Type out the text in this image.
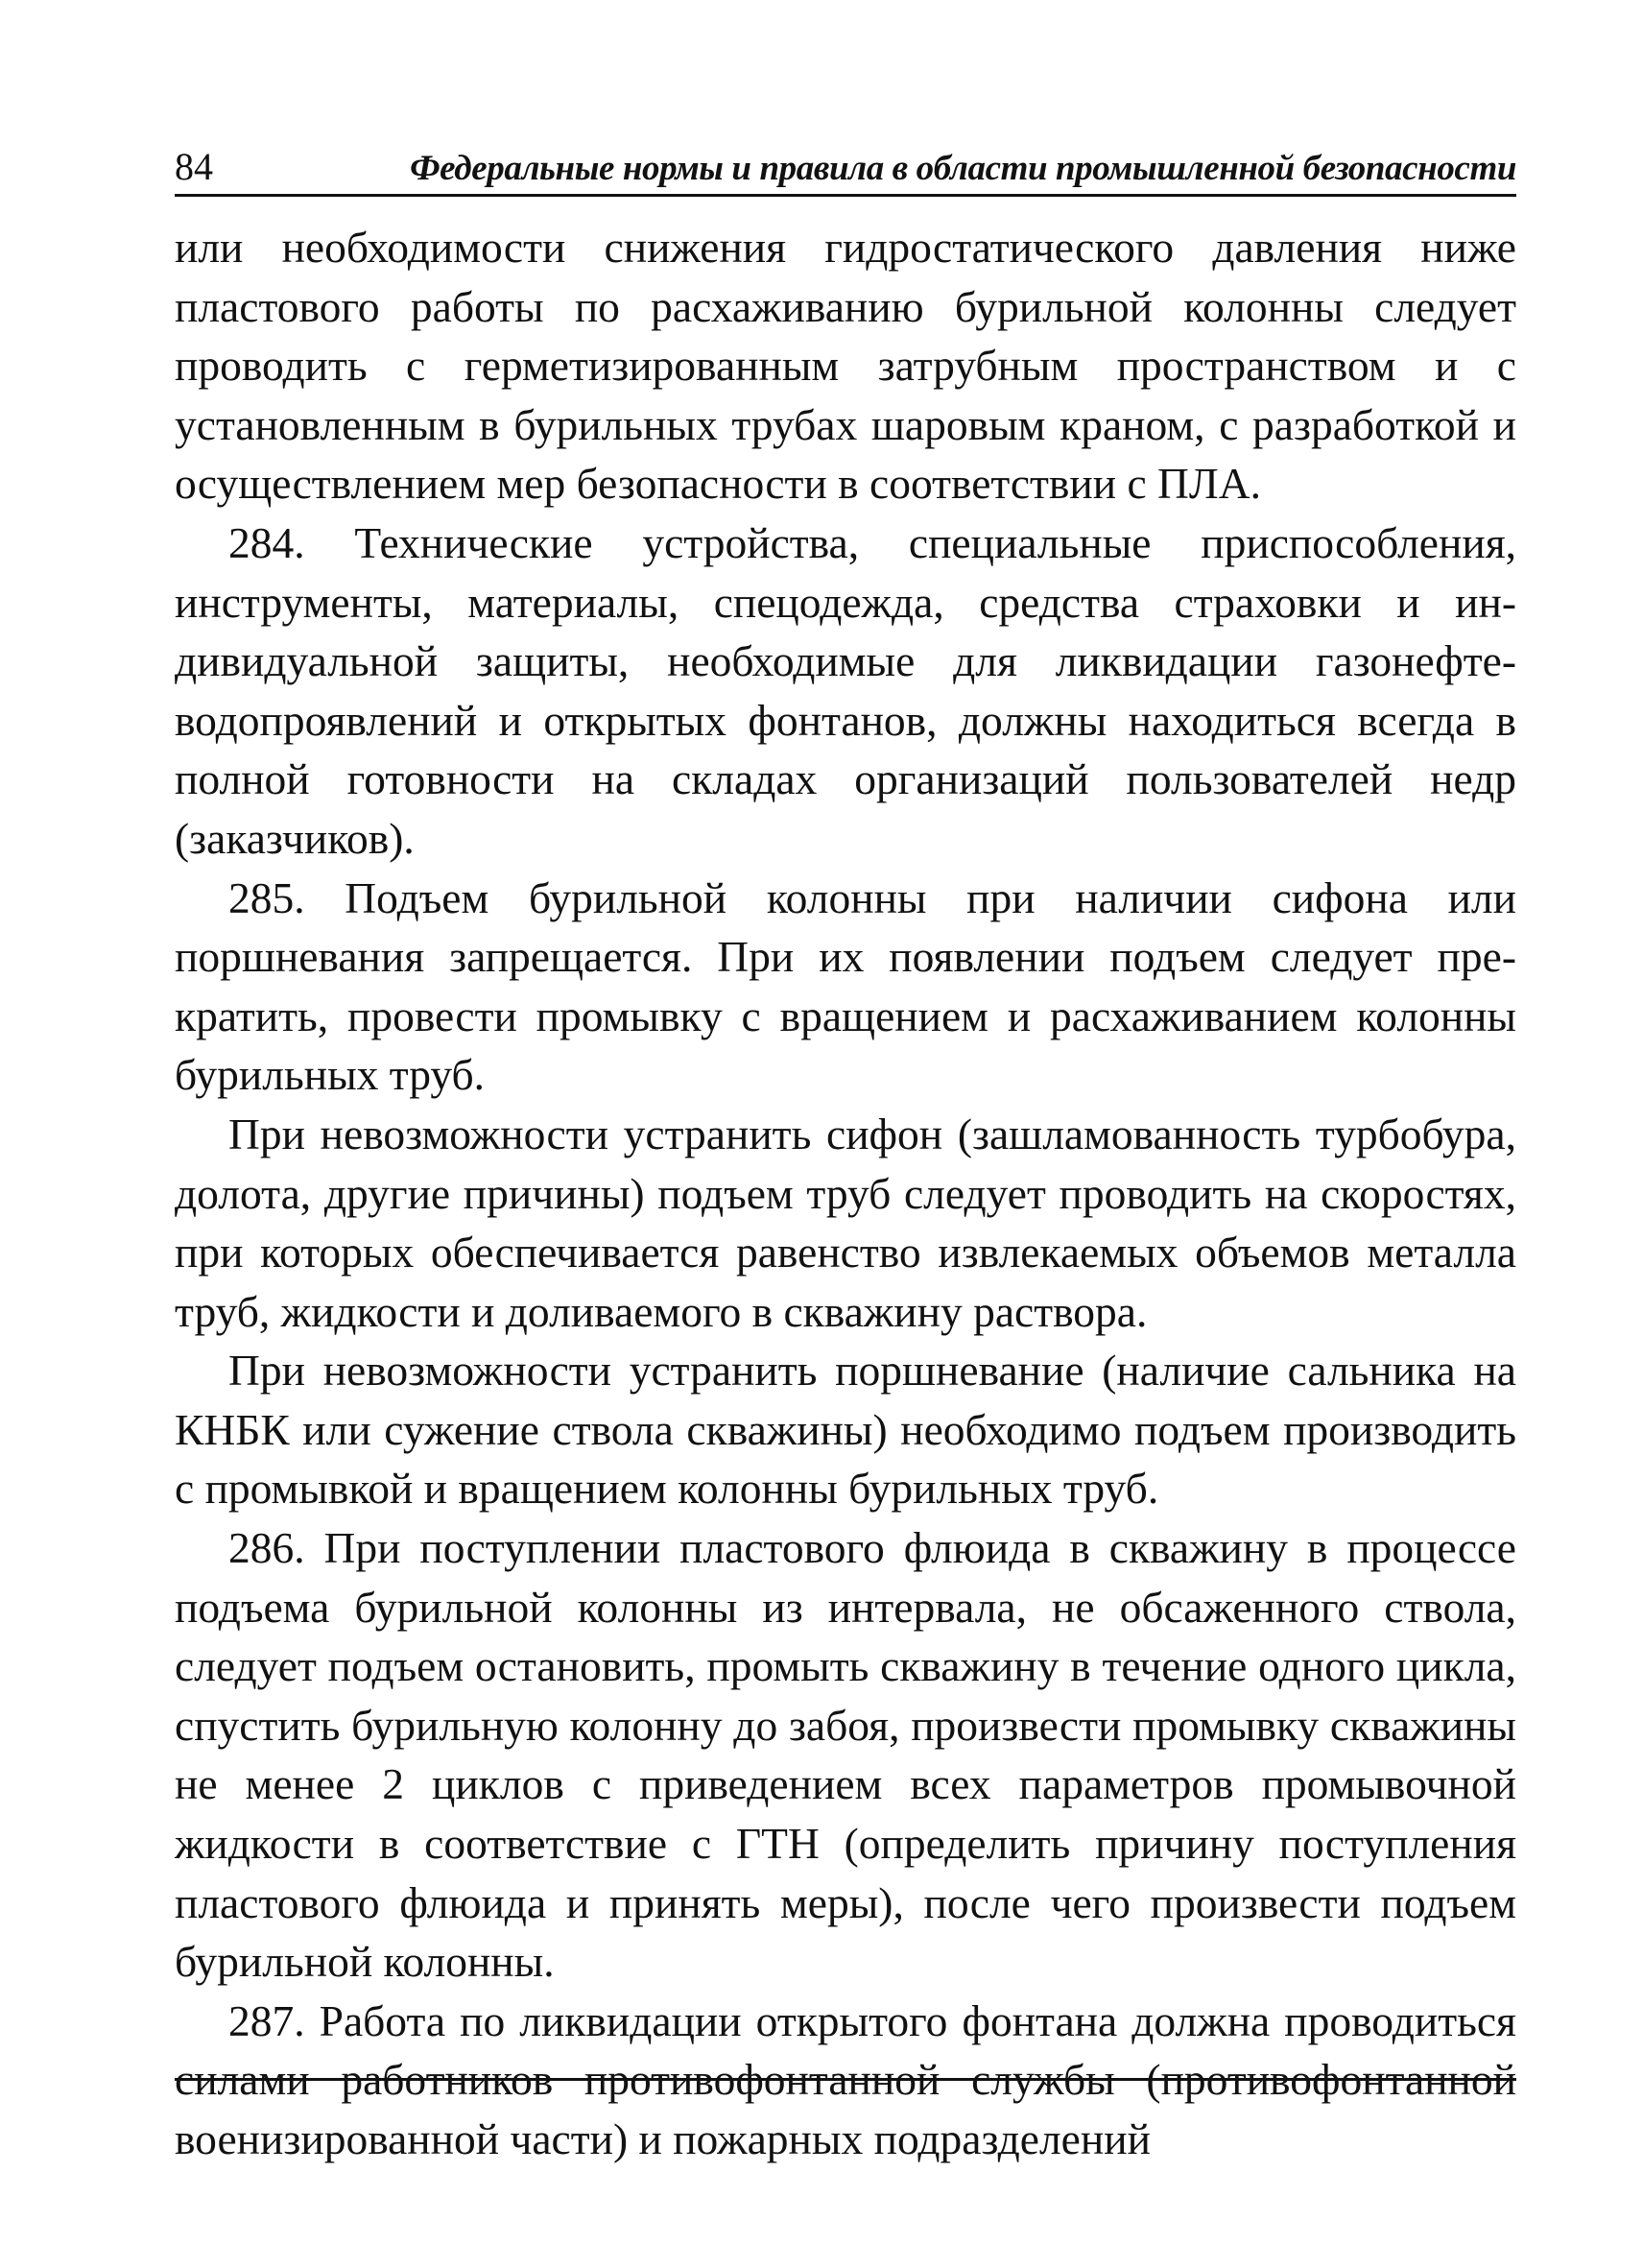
84	Федеральные нормы и правила в области промышленной безопасности

или необходимости снижения гидростатического давления ниже пластового работы по расхаживанию бурильной колонны следует проводить с герметизированным затрубным пространством и с установленным в бурильных трубах шаровым краном, с разработкой и осуществлением мер безопасности в соответствии с ПЛА.

284. Технические устройства, специальные приспособления, инструменты, материалы, спецодежда, средства страховки и индивидуальной защиты, необходимые для ликвидации газонефтеводопроявлений и открытых фонтанов, должны находиться всегда в полной готовности на складах организаций пользователей недр (заказчиков).

285. Подъем бурильной колонны при наличии сифона или поршневания запрещается. При их появлении подъем следует прекратить, провести промывку с вращением и расхаживанием колонны бурильных труб.

При невозможности устранить сифон (зашламованность турбобура, долота, другие причины) подъем труб следует проводить на скоростях, при которых обеспечивается равенство извлекаемых объемов металла труб, жидкости и доливаемого в скважину раствора.

При невозможности устранить поршневание (наличие сальника на КНБК или сужение ствола скважины) необходимо подъем производить с промывкой и вращением колонны бурильных труб.

286. При поступлении пластового флюида в скважину в процессе подъема бурильной колонны из интервала, не обсаженного ствола, следует подъем остановить, промыть скважину в течение одного цикла, спустить бурильную колонну до забоя, произвести промывку скважины не менее 2 циклов с приведением всех параметров промывочной жидкости в соответствие с ГТН (определить причину поступления пластового флюида и принять меры), после чего произвести подъем бурильной колонны.

287. Работа по ликвидации открытого фонтана должна проводиться силами работников противофонтанной службы (противофонтанной военизированной части) и пожарных подразделений
